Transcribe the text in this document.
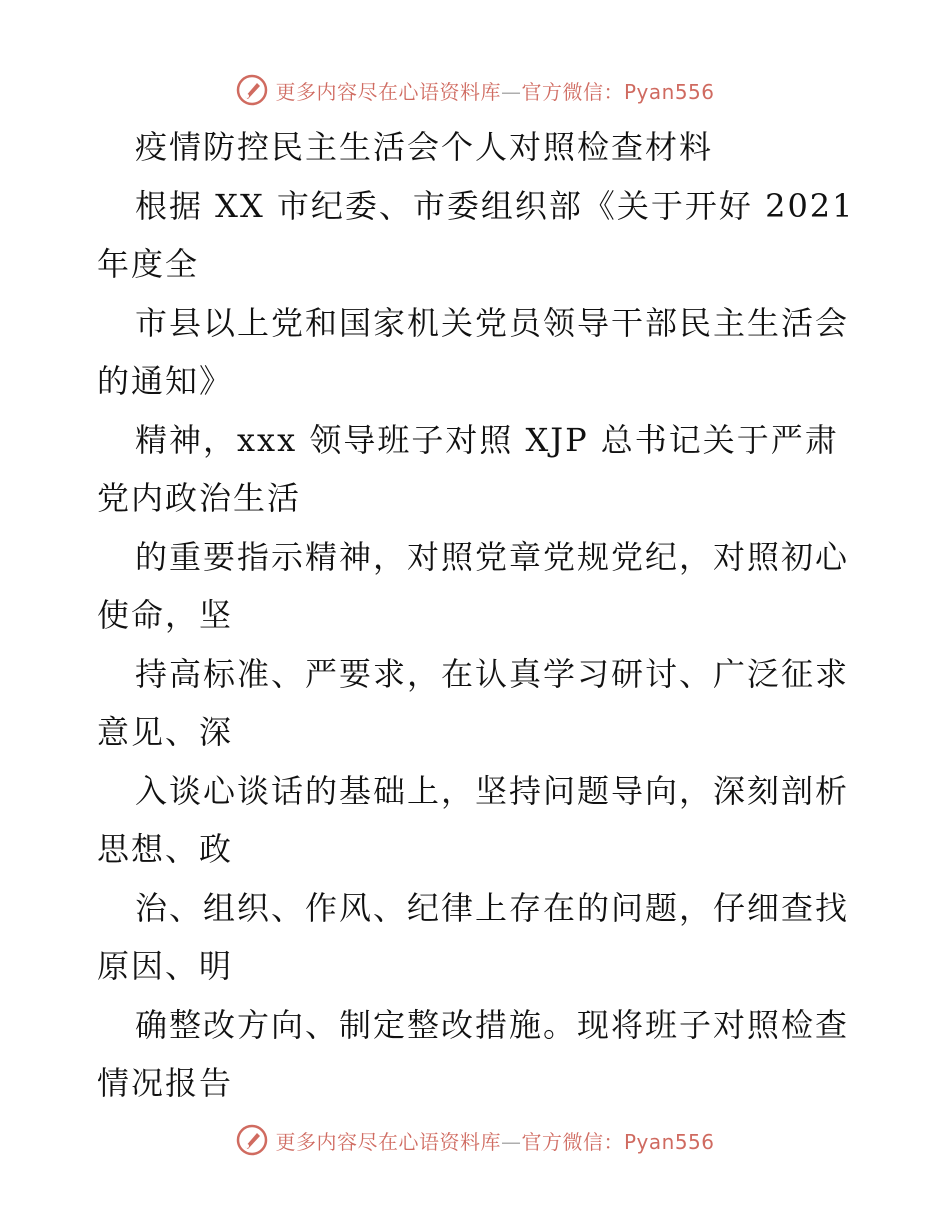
更多内容尽在心语资料库—官方微信：Pyan556
疫情防控民主生活会个人对照检查材料
根据 XX 市纪委、市委组织部《关于开好 2021
年度全
市县以上党和国家机关党员领导干部民主生活会
的通知》
精神，xxx 领导班子对照 XJP 总书记关于严肃
党内政治生活
的重要指示精神，对照党章党规党纪，对照初心
使命，坚
持高标准、严要求，在认真学习研讨、广泛征求
意见、深
入谈心谈话的基础上，坚持问题导向，深刻剖析
思想、政
治、组织、作风、纪律上存在的问题，仔细查找
原因、明
确整改方向、制定整改措施。现将班子对照检查
情况报告
更多内容尽在心语资料库—官方微信：Pyan556
